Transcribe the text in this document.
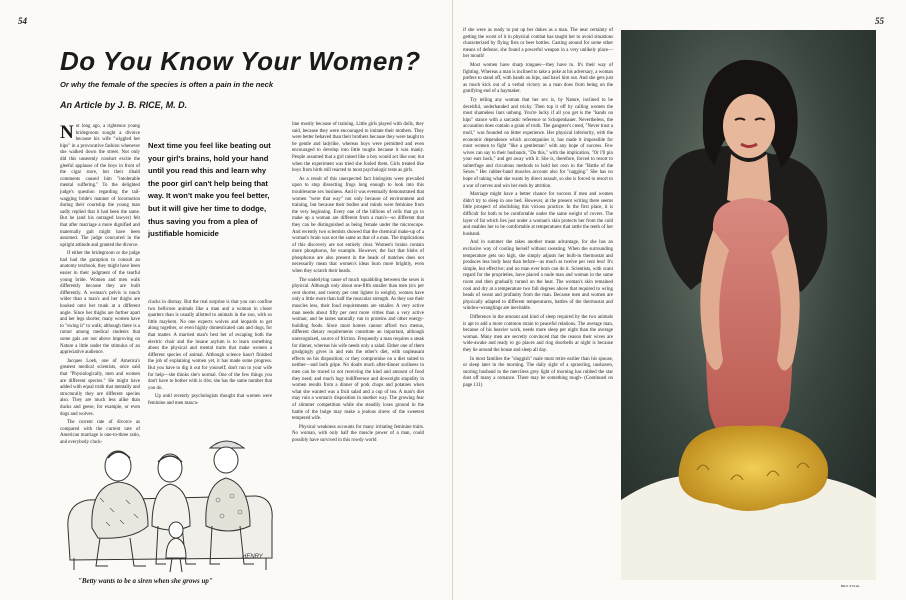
54
Do You Know Your Women?
Or why the female of the species is often a pain in the neck
An Article by J. B. RICE, M. D.

Not long ago, a righteous young bridegroom sought a divorce because his wife "wiggled her hips" in a provocative fashion whenever she walked down the street. Not only did this unseemly conduct excite the gleeful applause of the boys in front of the cigar store, but their ribald comments caused him "intolerable mental suffering." To the delighted judge's question regarding the tail-wagging bride's manner of locomotion during their courtship the young man sadly replied that it had been the same. But he (and his outraged lawyer) felt that after marriage a more dignified and maternally gait might have been assumed. The judge concurred in the upright attitude and granted the divorce.

If either the bridegroom or the judge had had the gumption to consult an anatomy textbook, they might have been easier in their judgment of the tearful young bride. Women and men walk differently because they are built differently. A woman's pelvis is much wider than a man's and her thighs are hooked onto her trunk at a different angle. Since her thighs are further apart and her legs shorter, many women have to "swing it" to walk; although there is a rumor among medical students that some gals are not above improving on Nature a little under the stimulus of an appreciative audience.

Jacques Loeb, one of America's greatest medical scientists, once said that "Physiologically, men and women are different species." He might have added with equal truth that mentally and structurally they are different species also. They are much less alike than ducks and geese, for example, or even dogs and wolves.

The current rate of divorce as compared with the current rate of American marriage is one-to-three ratio, and everybody cluck-

Next time you feel like beating out your girl's brains, hold your hand until you read this and learn why the poor girl can't help being that way. It won't make you feel better, but it will give her time to dodge, thus saving you from a plea of justifiable homicide

clucks in dismay. But the real surprise is that you can confine two bellicose animals like a man and a woman in closer quarters than is usually allotted to animals in the zoo, with so little mayhem. No one expects wolves and leopards to get along together, or even highly domesticated cats and dogs, for that matter. A married man's best bet of escaping both the electric chair and the insane asylum is to learn something about the physical and mental traits that make women a different species of animal. Although science hasn't finished the job of explaining women yet, it has made some progress. But you have to dig it out for yourself; don't run to your wife for help—she thinks she's normal. One of the few things you don't have to bother with is ribs; she has the same number that you do.

Up until recently psychologists thought that women were feminine and men mascu-

line mostly because of training. Little girls played with dolls, they said, because they were encouraged to imitate their mothers. They were better behaved than their brothers because they were taught to be gentle and ladylike, whereas boys were permitted and even encouraged to develop into little toughs because it was manly. People assumed that a girl raised like a boy would act like one; but when the experiment was tried she fooled them. Girls treated like boys from birth still reacted to most psychologic tests as girls.

As a result of this unexpected fact biologists were prevailed upon to stop dissecting frogs long enough to look into this troublesome sex business. And it was eventually demonstrated that women "were that way" not only because of environment and training, but because their bodies and minds were feminine from the very beginning. Every one of the billions of cells that go to make up a woman are different from a man's—so different that they can be distinguished as being female under the microscope. And recently two scientists showed that the chemical make-up of a woman's brain was not the same as that of a man. The implications of this discovery are not entirely clear. Women's brains contain more phosphorus, for example. However, the fact that blobs of phosphorus are also present in the heads of matches does not necessarily mean that women's ideas burn more brightly, even when they scratch their heads.

The underlying cause of much squabbling between the sexes is physical. Although only about one-fifth smaller than men (six per cent shorter, and twenty per cent lighter in weight), women have only a little more than half the muscular strength. As they use their muscles less, their food requirements are smaller. A very active man needs about fifty per cent more vittles than a very active woman; and he tastes naturally run to proteins and other energy-building foods. Since most homes cannot afford two menus, different dietary requirements constitute an important, although unrecognized, source of friction. Frequently a man requires a steak for dinner, whereas his wife needs only a salad. Either one of them grudgingly gives in and eats the other's diet, with unpleasant effects on his disposition; or they compromise on a diet suited to neither—and both gripe. No doubt much after-dinner surliness in men can be traced to not receiving the kind and amount of food they need; and much logy indifference and downright stupidity in women results from a dinner of pork chops and potatoes when what she wanted was a fruit salad and a cup of tea. A man's diet may ruin a woman's disposition in another way. The growing fear of slimmer competition while she steadily loses ground in the battle of the bulge may make a jealous shrew of the sweetest tempered wife.

Physical weakness accounts for many irritating feminine traits. No woman, with only half the muscle power of a man, could possibly have survived in this rowdy world

HENRY
"Betty wants to be a siren when she grows up"
55

if she were as ready to put up her dukes as a man. The near certainty of getting the worst of it in physical combat has taught her to avoid situations characterized by flying fists or beer bottles. Casting around for some other means of defense, she found a powerful weapon in a very unlikely place—her mouth!

Most women have sharp tongues—they have to. It's their way of fighting. Whereas a man is inclined to take a poke at his adversary, a woman prefers to stand off, with hands on hips, and bawl him out. And she gets just as much kick out of a verbal victory as a man does from being on the gratifying end of a haymaker.

Try telling any woman that her sex is, by Nature, inclined to be deceitful, underhanded and tricky. Then top it off by calling women the most shameless liars unhung. You're lucky if all you get is the "hands on hips" stance with a sarcastic reference to Schopenhauer. Nevertheless, the accusation does contain a grain of truth. The gangster's creed, "Never trust a moll," was founded on bitter experience. Her physical inferiority, with the economic dependence which accompanies it, has made it impossible for most women to fight "like a gentleman" with any hope of success. Few wives can say to their husbands, "Do this," with the implication, "Or I'll pin your ears back," and get away with it. She is, therefore, forced to resort to subterfuge and circuitous methods to hold her own in the "Battle of the Sexes." Her rubber-band muscles account also for "nagging." She has no hope of taking what she wants by direct assault, so she is forced to resort to a war of nerves and win her ends by attrition.

Marriage might have a better chance for success if men and women didn't try to sleep in one bed. However, at the present writing there seems little prospect of abolishing this vicious practice. In the first place, it is difficult for both to be comfortable under the same weight of covers. The layer of fat which lies just under a woman's skin protects her from the cold and enables her to be comfortable at temperatures that rattle the teeth of her husband.

And in summer she takes another mean advantage, for she has an exclusive way of cooling herself without sweating. When the surrounding temperature gets too high, she simply adjusts her built-in thermostat and produces less body heat than before—as much as twelve per cent less! It's simple, but effective; and no man ever born can do it. Scientists, with scant regard for the proprieties, have placed a nude man and woman in the same room and then gradually turned on the heat. The woman's skin remained cool and dry at a temperature two full degrees above that required to wring beads of sweat and profanity from the man. Because men and women are physically adapted to different temperatures, battles of the thermostat and window-wranglings are inevitable.

Difference in the amount and kind of sleep required by the two animals is apt to add a more common strain to peaceful relations. The average man, because of his heavier work, needs more sleep per night than the average woman. Many men are secretly convinced that the reason their wives are wide-awake and ready to go places and ring doorbells at night is because they lie around the house and sleep all day.

In most families the "sluggish" male must retire earlier than his spouse, or sleep later in the morning. The daily sight of a sprawling, unshaven, snoring husband in the merciless grey light of morning has rubbed the star dust off many a romance. There may be something tough- (Continued on page 131)

BEN STAHL
